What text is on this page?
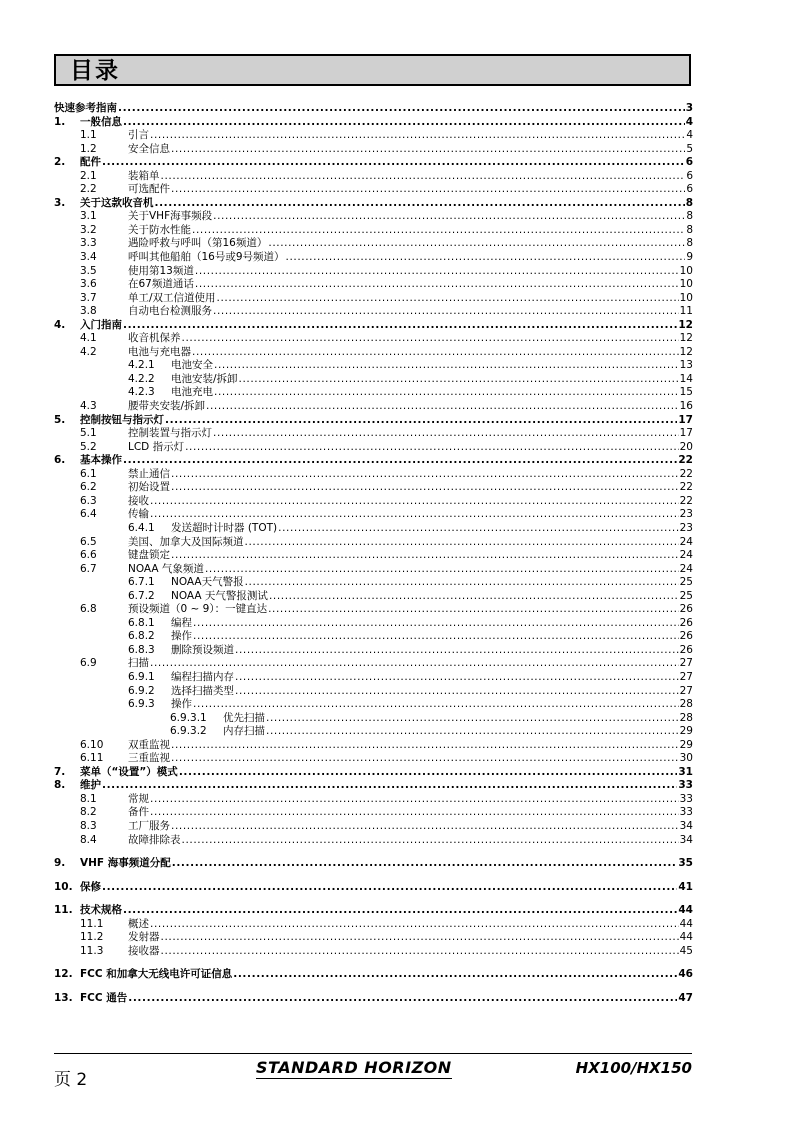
目录
快速参考指南 .....	3
1. 一般信息 .....	4
1.1	引言 .....	4
1.2	安全信息 .....	5
2. 配件 .....	6
2.1	装箱单 .....	6
2.2	可选配件 .....	6
3. 关于这款收音机 .....	8
3.1	关于VHF海事频段 .....	8
3.2	关于防水性能 .....	8
3.3	遇险呼救与呼叫（第16频道） .....	8
3.4	呼叫其他船舶（16号或9号频道） .....	9
3.5	使用第13频道 .....	10
3.6	在67频道通话 .....	10
3.7	单工/双工信道使用 .....	10
3.8	自动电台检测服务 .....	11
4. 入门指南 .....	12
4.1	收音机保养 .....	12
4.2	电池与充电器 .....	12
4.2.1 电池安全 .....	13
4.2.2 电池安装/拆卸 .....	14
4.2.3 电池充电 .....	15
4.3	腰带夹安装/拆卸 .....	16
5. 控制按钮与指示灯 .....	17
5.1	控制装置与指示灯 .....	17
5.2	LCD 指示灯 .....	20
6. 基本操作 .....	22
6.1	禁止通信 .....	22
6.2	初始设置 .....	22
6.3	接收 .....	22
6.4	传输 .....	23
6.4.1 发送超时计时器 (TOT) .....	23
6.5	美国、加拿大及国际频道 .....	24
6.6	键盘锁定 .....	24
6.7	NOAA 气象频道 .....	24
6.7.1 NOAA天气警报 .....	25
6.7.2 NOAA 天气警报测试 .....	25
6.8	预设频道（0 ~ 9）：一键直达 .....	26
6.8.1 编程 .....	26
6.8.2 操作 .....	26
6.8.3 删除预设频道 .....	26
6.9	扫描 .....	27
6.9.1 编程扫描内存 .....	27
6.9.2 选择扫描类型 .....	27
6.9.3 操作 .....	28
6.9.3.1 优先扫描 .....	28
6.9.3.2 内存扫描 .....	29
6.10 双重监视 .....	29
6.11 三重监视 .....	30
7. 菜单（“设置”）模式 .....	31
8. 维护 .....	33
8.1	常规 .....	33
8.2	备件 .....	33
8.3	工厂服务 .....	34
8.4	故障排除表 .....	34
9. VHF 海事频道分配 .....	35
10. 保修 .....	41
11. 技术规格 .....	44
11.1 概述 .....	44
11.2 发射器 .....	44
11.3 接收器 .....	45
12. FCC 和加拿大无线电许可证信息 .....	46
13. FCC 通告 .....	47
页 2
STANDARD HORIZON	HX100/HX150
